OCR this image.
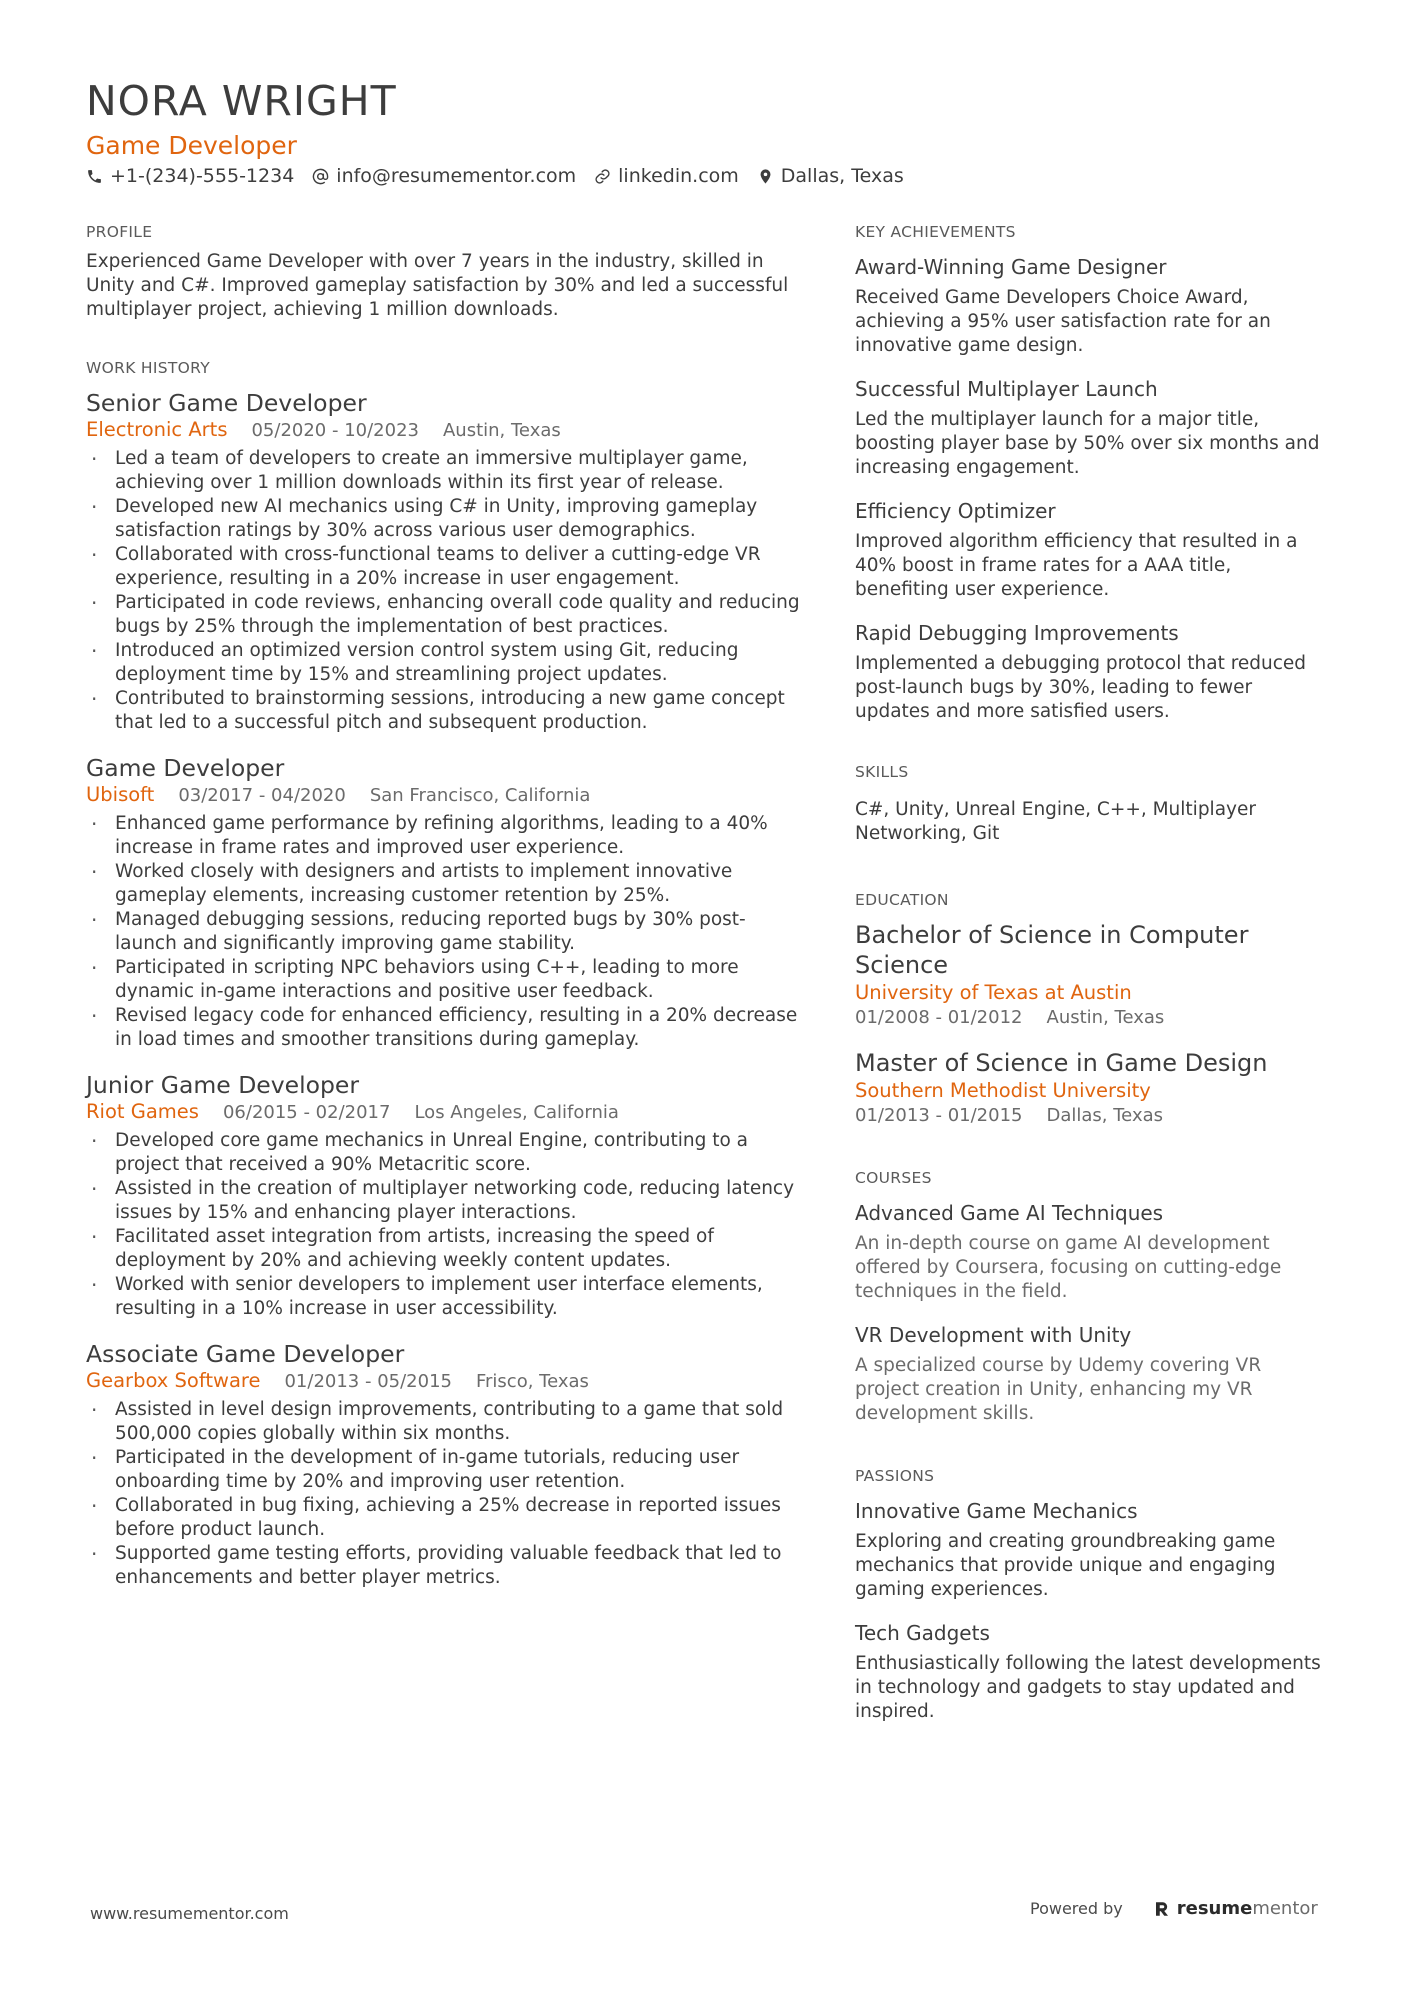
NORA WRIGHT
Game Developer
+1-(234)-555-1234 info@resumementor.com linkedin.com Dallas, Texas
PROFILE

Experienced Game Developer with over 7 years in the industry, skilled in Unity and C#. Improved gameplay satisfaction by 30% and led a successful multiplayer project, achieving 1 million downloads.

WORK HISTORY
Senior Game Developer
Electronic Arts 05/2020 - 10/2023 Austin, Texas
· Led a team of developers to create an immersive multiplayer game, achieving over 1 million downloads within its first year of release.
· Developed new AI mechanics using C# in Unity, improving gameplay satisfaction ratings by 30% across various user demographics.
· Collaborated with cross-functional teams to deliver a cutting-edge VR experience, resulting in a 20% increase in user engagement.
· Participated in code reviews, enhancing overall code quality and reducing bugs by 25% through the implementation of best practices.
· Introduced an optimized version control system using Git, reducing deployment time by 15% and streamlining project updates.
· Contributed to brainstorming sessions, introducing a new game concept that led to a successful pitch and subsequent production.
Game Developer
Ubisoft 03/2017 - 04/2020 San Francisco, California
· Enhanced game performance by refining algorithms, leading to a 40% increase in frame rates and improved user experience.
· Worked closely with designers and artists to implement innovative gameplay elements, increasing customer retention by 25%.
· Managed debugging sessions, reducing reported bugs by 30% post-launch and significantly improving game stability.
· Participated in scripting NPC behaviors using C++, leading to more dynamic in-game interactions and positive user feedback.
· Revised legacy code for enhanced efficiency, resulting in a 20% decrease in load times and smoother transitions during gameplay.
Junior Game Developer
Riot Games 06/2015 - 02/2017 Los Angeles, California
· Developed core game mechanics in Unreal Engine, contributing to a project that received a 90% Metacritic score.
· Assisted in the creation of multiplayer networking code, reducing latency issues by 15% and enhancing player interactions.
· Facilitated asset integration from artists, increasing the speed of deployment by 20% and achieving weekly content updates.
· Worked with senior developers to implement user interface elements, resulting in a 10% increase in user accessibility.
Associate Game Developer
Gearbox Software 01/2013 - 05/2015 Frisco, Texas
· Assisted in level design improvements, contributing to a game that sold 500,000 copies globally within six months.
· Participated in the development of in-game tutorials, reducing user onboarding time by 20% and improving user retention.
· Collaborated in bug fixing, achieving a 25% decrease in reported issues before product launch.
· Supported game testing efforts, providing valuable feedback that led to enhancements and better player metrics.
KEY ACHIEVEMENTS
Award-Winning Game Designer
Received Game Developers Choice Award, achieving a 95% user satisfaction rate for an innovative game design.
Successful Multiplayer Launch
Led the multiplayer launch for a major title, boosting player base by 50% over six months and increasing engagement.
Efficiency Optimizer
Improved algorithm efficiency that resulted in a 40% boost in frame rates for a AAA title, benefiting user experience.
Rapid Debugging Improvements
Implemented a debugging protocol that reduced post-launch bugs by 30%, leading to fewer updates and more satisfied users.
SKILLS
C#, Unity, Unreal Engine, C++, Multiplayer Networking, Git
EDUCATION
Bachelor of Science in Computer Science
University of Texas at Austin
01/2008 - 01/2012 Austin, Texas
Master of Science in Game Design
Southern Methodist University
01/2013 - 01/2015 Dallas, Texas
COURSES
Advanced Game AI Techniques
An in-depth course on game AI development offered by Coursera, focusing on cutting-edge techniques in the field.
VR Development with Unity
A specialized course by Udemy covering VR project creation in Unity, enhancing my VR development skills.
PASSIONS
Innovative Game Mechanics
Exploring and creating groundbreaking game mechanics that provide unique and engaging gaming experiences.
Tech Gadgets
Enthusiastically following the latest developments in technology and gadgets to stay updated and inspired.
www.resumementor.com	Powered by	resume mentor
